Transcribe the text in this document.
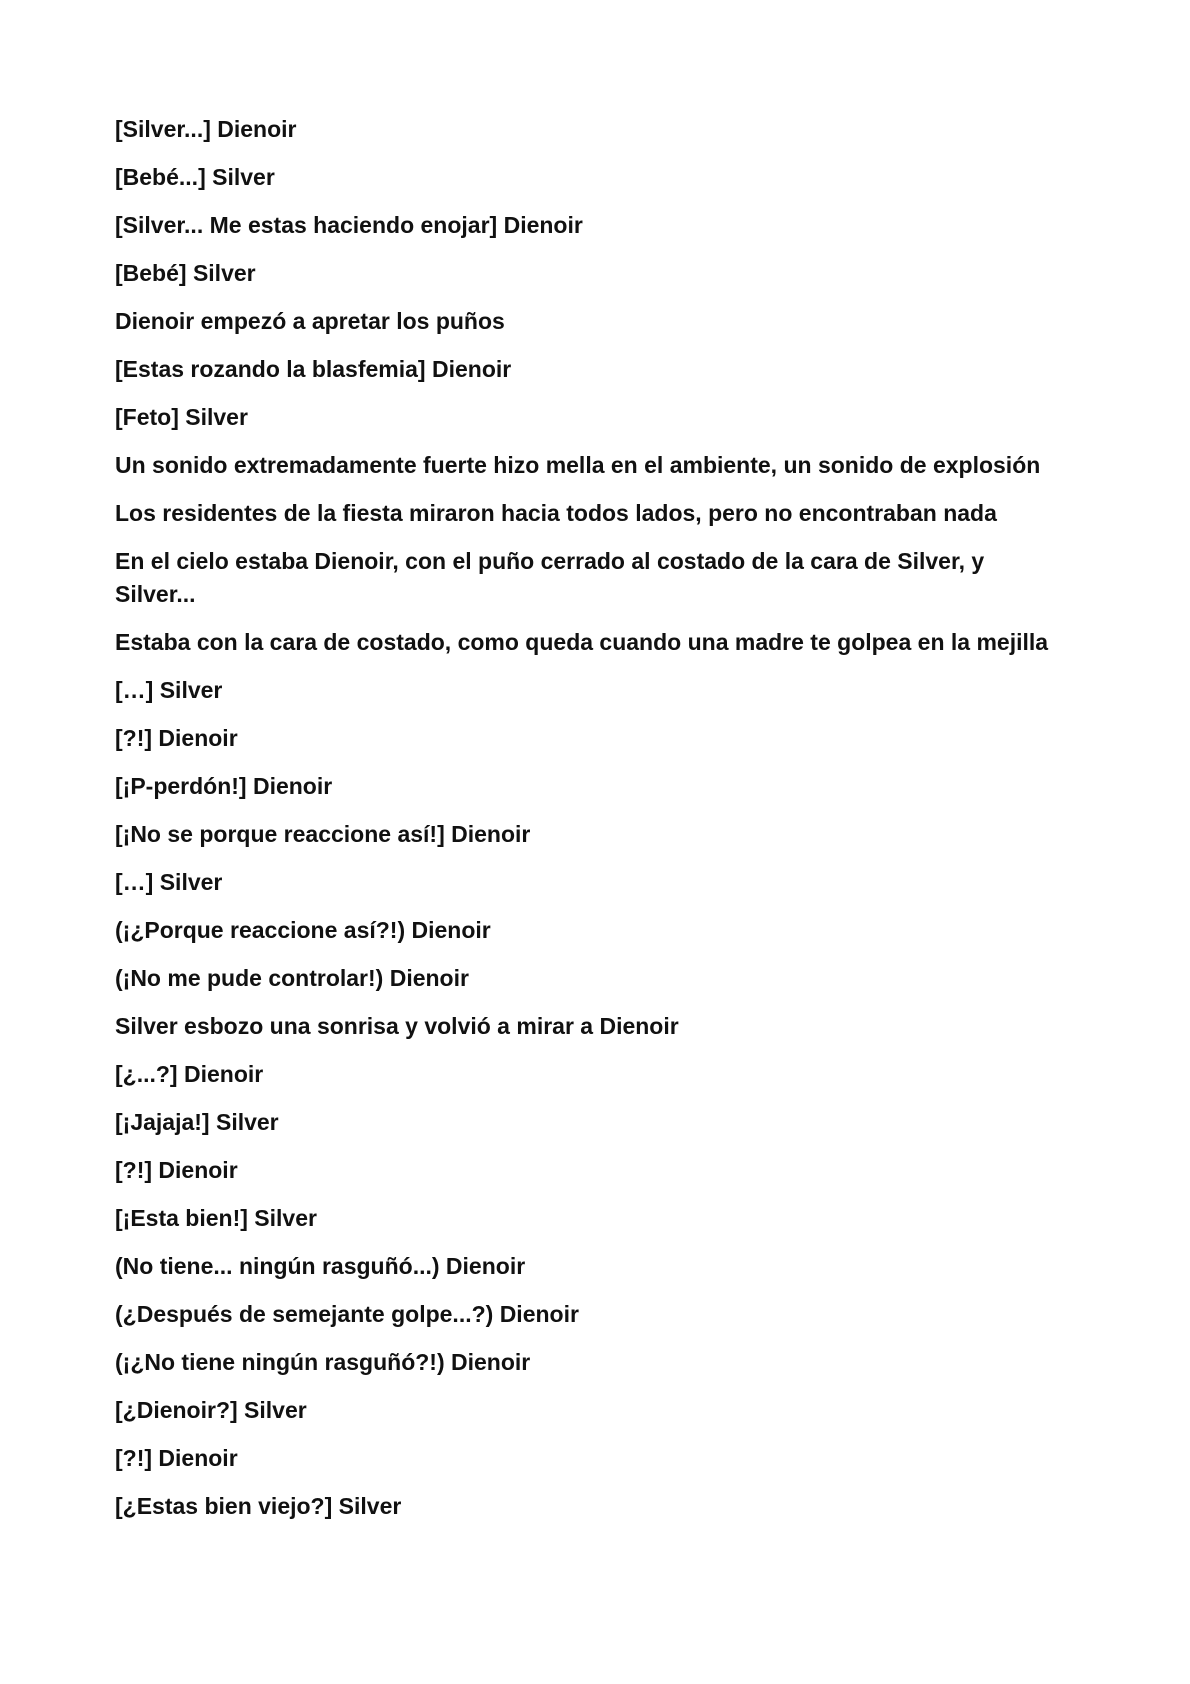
[Silver...] Dienoir

[Bebé...] Silver

[Silver... Me estas haciendo enojar] Dienoir

[Bebé] Silver

Dienoir empezó a apretar los puños

[Estas rozando la blasfemia] Dienoir

[Feto] Silver

Un sonido extremadamente fuerte hizo mella en el ambiente, un sonido de explosión

Los residentes de la fiesta miraron hacia todos lados, pero no encontraban nada

En el cielo estaba Dienoir, con el puño cerrado al costado de la cara de Silver, y Silver...

Estaba con la cara de costado, como queda cuando una madre te golpea en la mejilla

[…] Silver

[?!] Dienoir

[¡P-perdón!] Dienoir

[¡No se porque reaccione así!] Dienoir

[…] Silver

(¡¿Porque reaccione así?!) Dienoir

(¡No me pude controlar!) Dienoir

Silver esbozo una sonrisa y volvió a mirar a Dienoir

[¿...?] Dienoir

[¡Jajaja!] Silver

[?!] Dienoir

[¡Esta bien!] Silver

(No tiene... ningún rasguñó...) Dienoir

(¿Después de semejante golpe...?) Dienoir

(¡¿No tiene ningún rasguñó?!) Dienoir

[¿Dienoir?] Silver

[?!] Dienoir

[¿Estas bien viejo?] Silver
